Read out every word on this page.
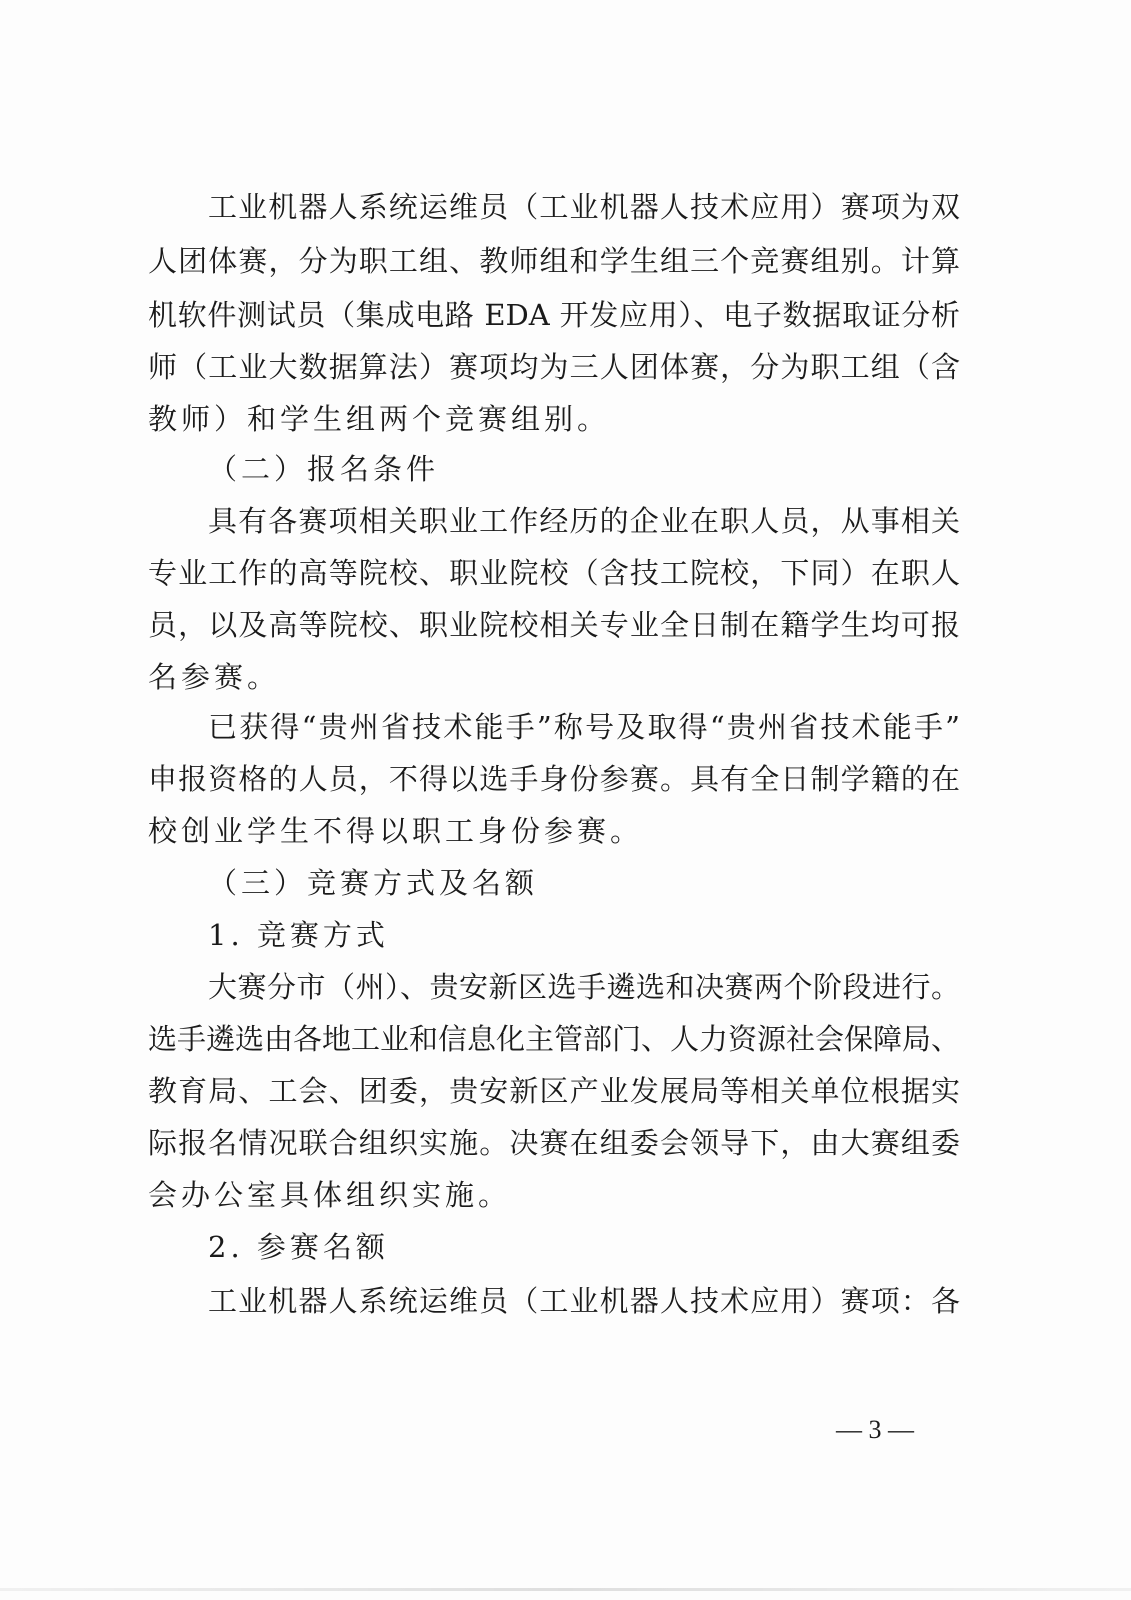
工业机器人系统运维员（工业机器人技术应用）赛项为双
人团体赛，分为职工组、教师组和学生组三个竞赛组别。计算
机软件测试员（集成电路 EDA 开发应用）、电子数据取证分析
师（工业大数据算法）赛项均为三人团体赛，分为职工组（含
教师）和学生组两个竞赛组别。
（二）报名条件
具有各赛项相关职业工作经历的企业在职人员，从事相关
专业工作的高等院校、职业院校（含技工院校，下同）在职人
员，以及高等院校、职业院校相关专业全日制在籍学生均可报
名参赛。
已获得“贵州省技术能手”称号及取得“贵州省技术能手”
申报资格的人员，不得以选手身份参赛。具有全日制学籍的在
校创业学生不得以职工身份参赛。
（三）竞赛方式及名额
1. 竞赛方式
大赛分市（州）、贵安新区选手遴选和决赛两个阶段进行。
选手遴选由各地工业和信息化主管部门、人力资源社会保障局、
教育局、工会、团委，贵安新区产业发展局等相关单位根据实
际报名情况联合组织实施。决赛在组委会领导下，由大赛组委
会办公室具体组织实施。
2. 参赛名额
工业机器人系统运维员（工业机器人技术应用）赛项：各
— 3 —
